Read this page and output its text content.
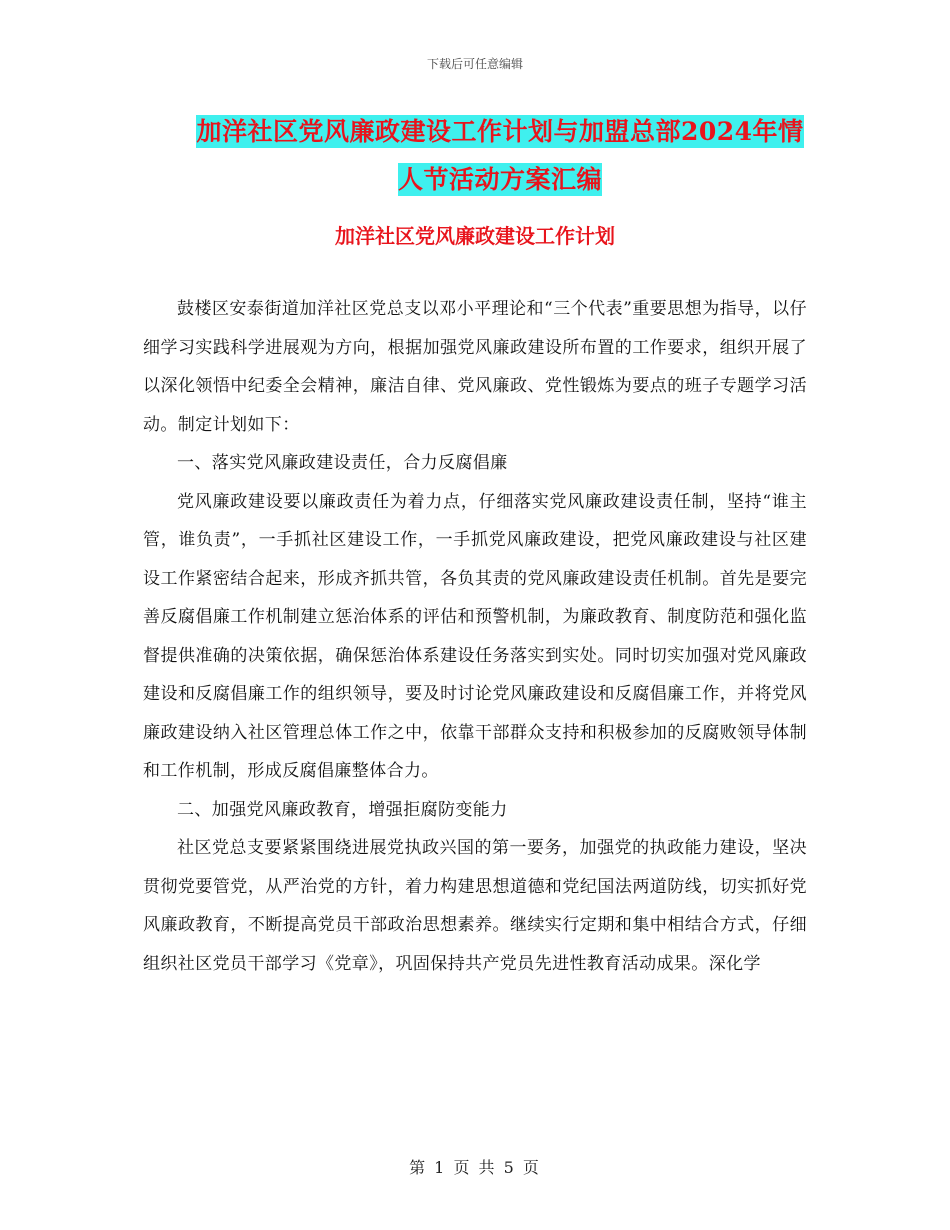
下载后可任意编辑
加洋社区党风廉政建设工作计划与加盟总部2024年情
人节活动方案汇编
加洋社区党风廉政建设工作计划

鼓楼区安泰街道加洋社区党总支以邓小平理论和“三个代表”重要思想为指导，以仔细学习实践科学进展观为方向，根据加强党风廉政建设所布置的工作要求，组织开展了以深化领悟中纪委全会精神，廉洁自律、党风廉政、党性锻炼为要点的班子专题学习活动。制定计划如下：

一、落实党风廉政建设责任，合力反腐倡廉

党风廉政建设要以廉政责任为着力点，仔细落实党风廉政建设责任制，坚持“谁主管，谁负责”，一手抓社区建设工作，一手抓党风廉政建设，把党风廉政建设与社区建设工作紧密结合起来，形成齐抓共管，各负其责的党风廉政建设责任机制。首先是要完善反腐倡廉工作机制建立惩治体系的评估和预警机制，为廉政教育、制度防范和强化监督提供准确的决策依据，确保惩治体系建设任务落实到实处。同时切实加强对党风廉政建设和反腐倡廉工作的组织领导，要及时讨论党风廉政建设和反腐倡廉工作，并将党风廉政建设纳入社区管理总体工作之中，依靠干部群众支持和积极参加的反腐败领导体制和工作机制，形成反腐倡廉整体合力。

二、加强党风廉政教育，增强拒腐防变能力

社区党总支要紧紧围绕进展党执政兴国的第一要务，加强党的执政能力建设，坚决贯彻党要管党，从严治党的方针，着力构建思想道德和党纪国法两道防线，切实抓好党风廉政教育，不断提高党员干部政治思想素养。继续实行定期和集中相结合方式，仔细组织社区党员干部学习《党章》，巩固保持共产党员先进性教育活动成果。深化学

第 1 页 共 5 页
